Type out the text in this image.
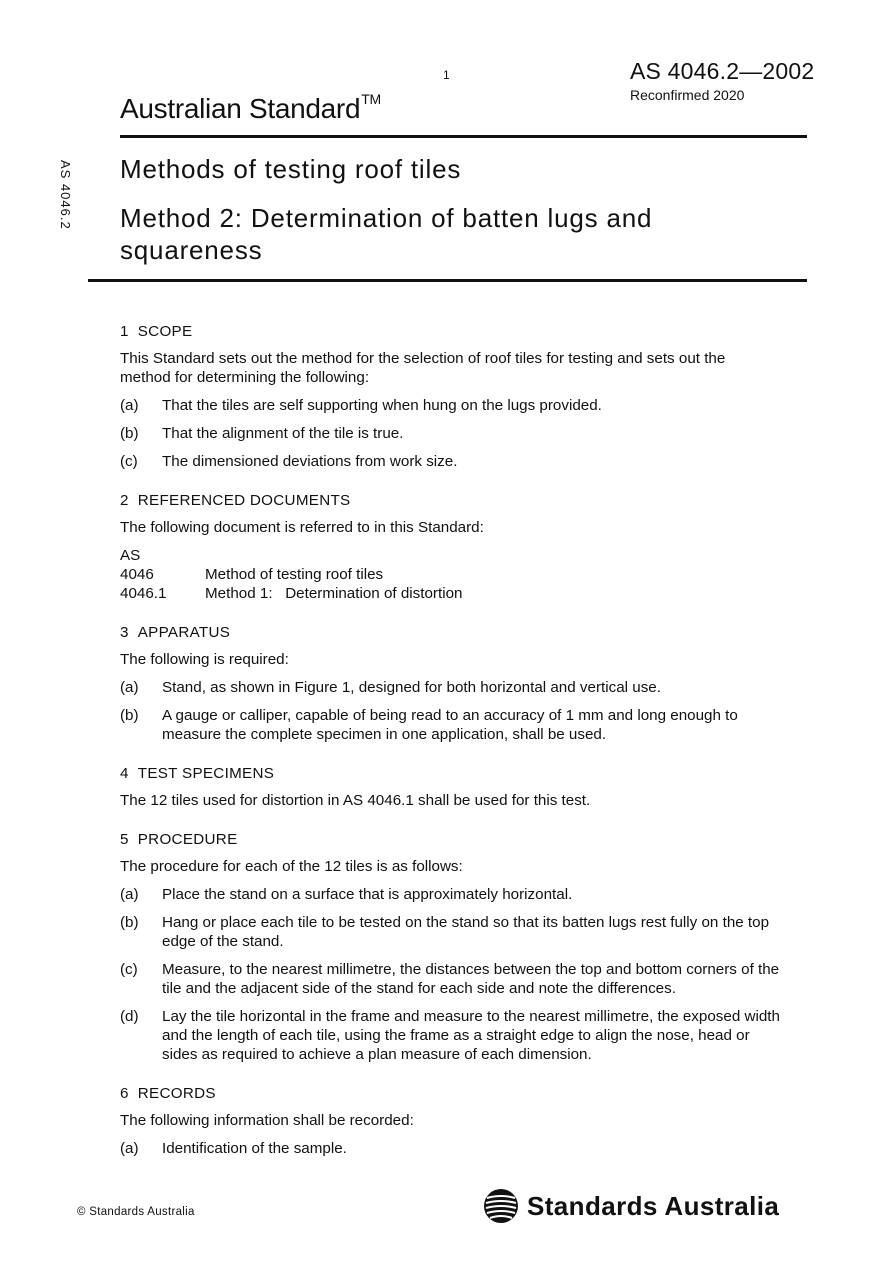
1	AS 4046.2—2002
Reconfirmed 2020
Australian Standard™
AS 4046.2 Methods of testing roof tiles
Method 2: Determination of batten lugs and squareness
1 SCOPE

This Standard sets out the method for the selection of roof tiles for testing and sets out the method for determining the following:

(a)	That the tiles are self supporting when hung on the lugs provided.
(b)	That the alignment of the tile is true.
(c)	The dimensioned deviations from work size.
2 REFERENCED DOCUMENTS

The following document is referred to in this Standard:

AS
4046	Method of testing roof tiles
4046.1	Method 1:   Determination of distortion
3 APPARATUS

The following is required:

(a)	Stand, as shown in Figure 1, designed for both horizontal and vertical use.
(b)	A gauge or calliper, capable of being read to an accuracy of 1 mm and long enough to measure the complete specimen in one application, shall be used.
4 TEST SPECIMENS

The 12 tiles used for distortion in AS 4046.1 shall be used for this test.

5 PROCEDURE

The procedure for each of the 12 tiles is as follows:

(a)	Place the stand on a surface that is approximately horizontal.
(b)	Hang or place each tile to be tested on the stand so that its batten lugs rest fully on the top edge of the stand.
(c)	Measure, to the nearest millimetre, the distances between the top and bottom corners of the tile and the adjacent side of the stand for each side and note the differences.
(d)	Lay the tile horizontal in the frame and measure to the nearest millimetre, the exposed width and the length of each tile, using the frame as a straight edge to align the nose, head or sides as required to achieve a plan measure of each dimension.
6 RECORDS

The following information shall be recorded:

(a)	Identification of the sample.
© Standards Australia	Standards Australia
